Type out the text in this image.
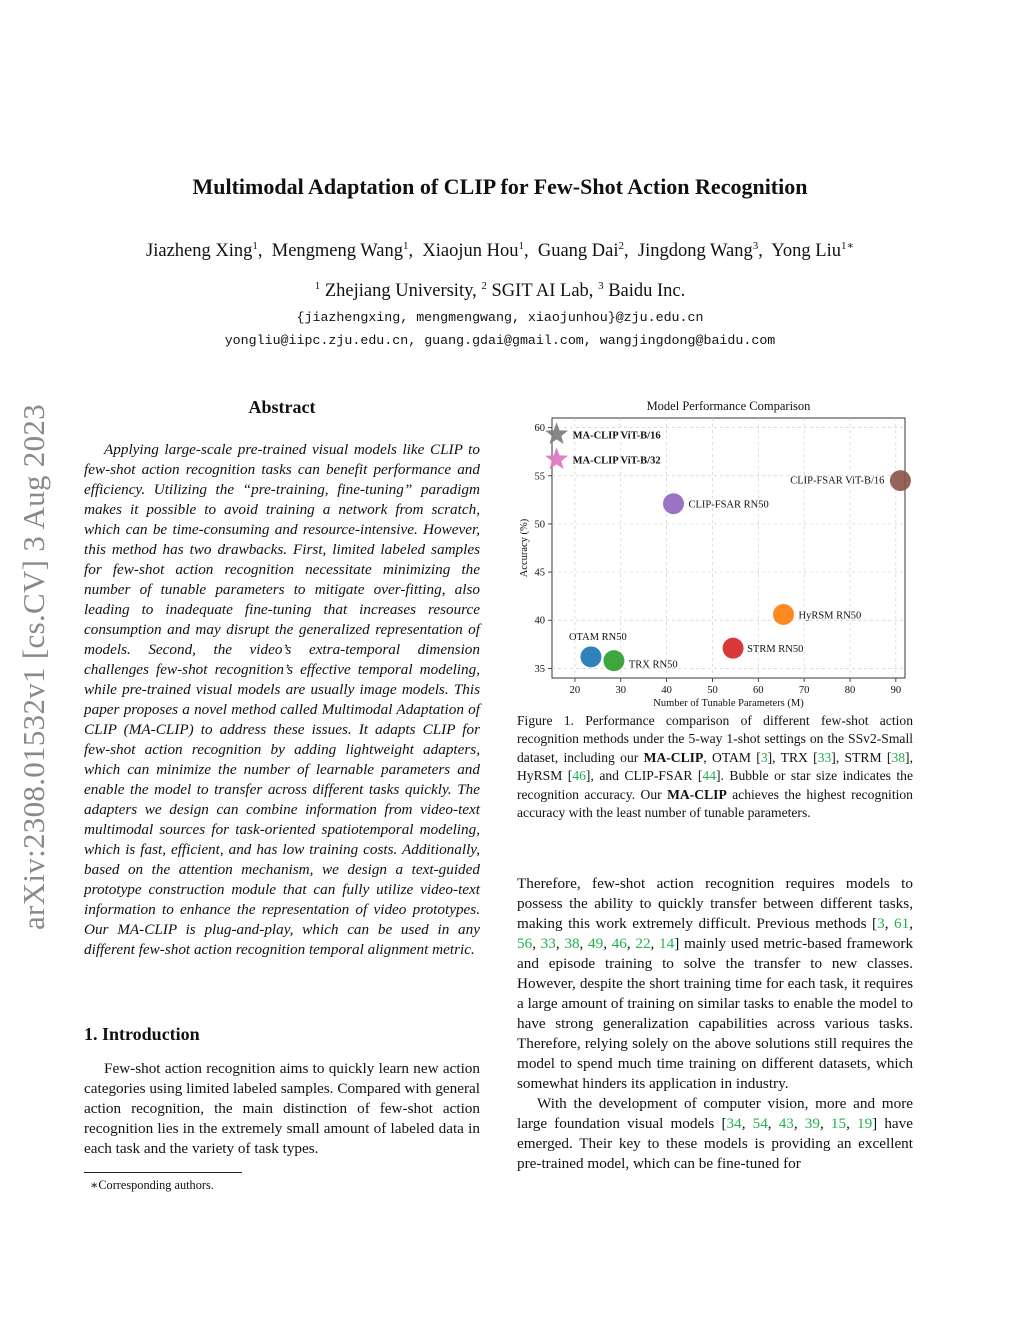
arXiv:2308.01532v1 [cs.CV] 3 Aug 2023
Multimodal Adaptation of CLIP for Few-Shot Action Recognition
Jiazheng Xing$^1$,  Mengmeng Wang$^1$,  Xiaojun Hou$^1$,  Guang Dai$^2$,  Jingdong Wang$^3$,  Yong Liu$^{1∗}$
$^1$ Zhejiang University, $^2$ SGIT AI Lab, $^3$ Baidu Inc.
{jiazhengxing, mengmengwang, xiaojunhou}@zju.edu.cn
yongliu@iipc.zju.edu.cn, guang.gdai@gmail.com, wangjingdong@baidu.com
Abstract

Applying large-scale pre-trained visual models like CLIP to few-shot action recognition tasks can benefit performance and efficiency. Utilizing the “pre-training, fine-tuning” paradigm makes it possible to avoid training a network from scratch, which can be time-consuming and resource-intensive. However, this method has two drawbacks. First, limited labeled samples for few-shot action recognition necessitate minimizing the number of tunable parameters to mitigate over-fitting, also leading to inadequate fine-tuning that increases resource consumption and may disrupt the generalized representation of models. Second, the video’s extra-temporal dimension challenges few-shot recognition’s effective temporal modeling, while pre-trained visual models are usually image models. This paper proposes a novel method called Multimodal Adaptation of CLIP (MA-CLIP) to address these issues. It adapts CLIP for few-shot action recognition by adding lightweight adapters, which can minimize the number of learnable parameters and enable the model to transfer across different tasks quickly. The adapters we design can combine information from video-text multimodal sources for task-oriented spatiotemporal modeling, which is fast, efficient, and has low training costs. Additionally, based on the attention mechanism, we design a text-guided prototype construction module that can fully utilize video-text information to enhance the representation of video prototypes. Our MA-CLIP is plug-and-play, which can be used in any different few-shot action recognition temporal alignment metric.

1. Introduction

Few-shot action recognition aims to quickly learn new action categories using limited labeled samples. Compared with general action recognition, the main distinction of few-shot action recognition lies in the extremely small amount of labeled data in each task and the variety of task types.

∗Corresponding authors.
20	30	40	50	60	70	80	90
35
40
45
50
55
60
Model Performance Comparison
Number of Tunable Parameters (M)
Accuracy (%)
MA-CLIP ViT-B/16
MA-CLIP ViT-B/32
CLIP-FSAR ViT-B/16
CLIP-FSAR RN50
HyRSM RN50
STRM RN50
OTAM RN50
TRX RN50
Figure 1. Performance comparison of different few-shot action recognition methods under the 5-way 1-shot settings on the SSv2-Small dataset, including our MA-CLIP, OTAM [3], TRX [33], STRM [38], HyRSM [46], and CLIP-FSAR [44]. Bubble or star size indicates the recognition accuracy. Our MA-CLIP achieves the highest recognition accuracy with the least number of tunable parameters.

Therefore, few-shot action recognition requires models to possess the ability to quickly transfer between different tasks, making this work extremely difficult. Previous methods [3, 61, 56, 33, 38, 49, 46, 22, 14] mainly used metric-based framework and episode training to solve the transfer to new classes. However, despite the short training time for each task, it requires a large amount of training on similar tasks to enable the model to have strong generalization capabilities across various tasks. Therefore, relying solely on the above solutions still requires the model to spend much time training on different datasets, which somewhat hinders its application in industry.

With the development of computer vision, more and more large foundation visual models [34, 54, 43, 39, 15, 19] have emerged. Their key to these models is providing an excellent pre-trained model, which can be fine-tuned for
